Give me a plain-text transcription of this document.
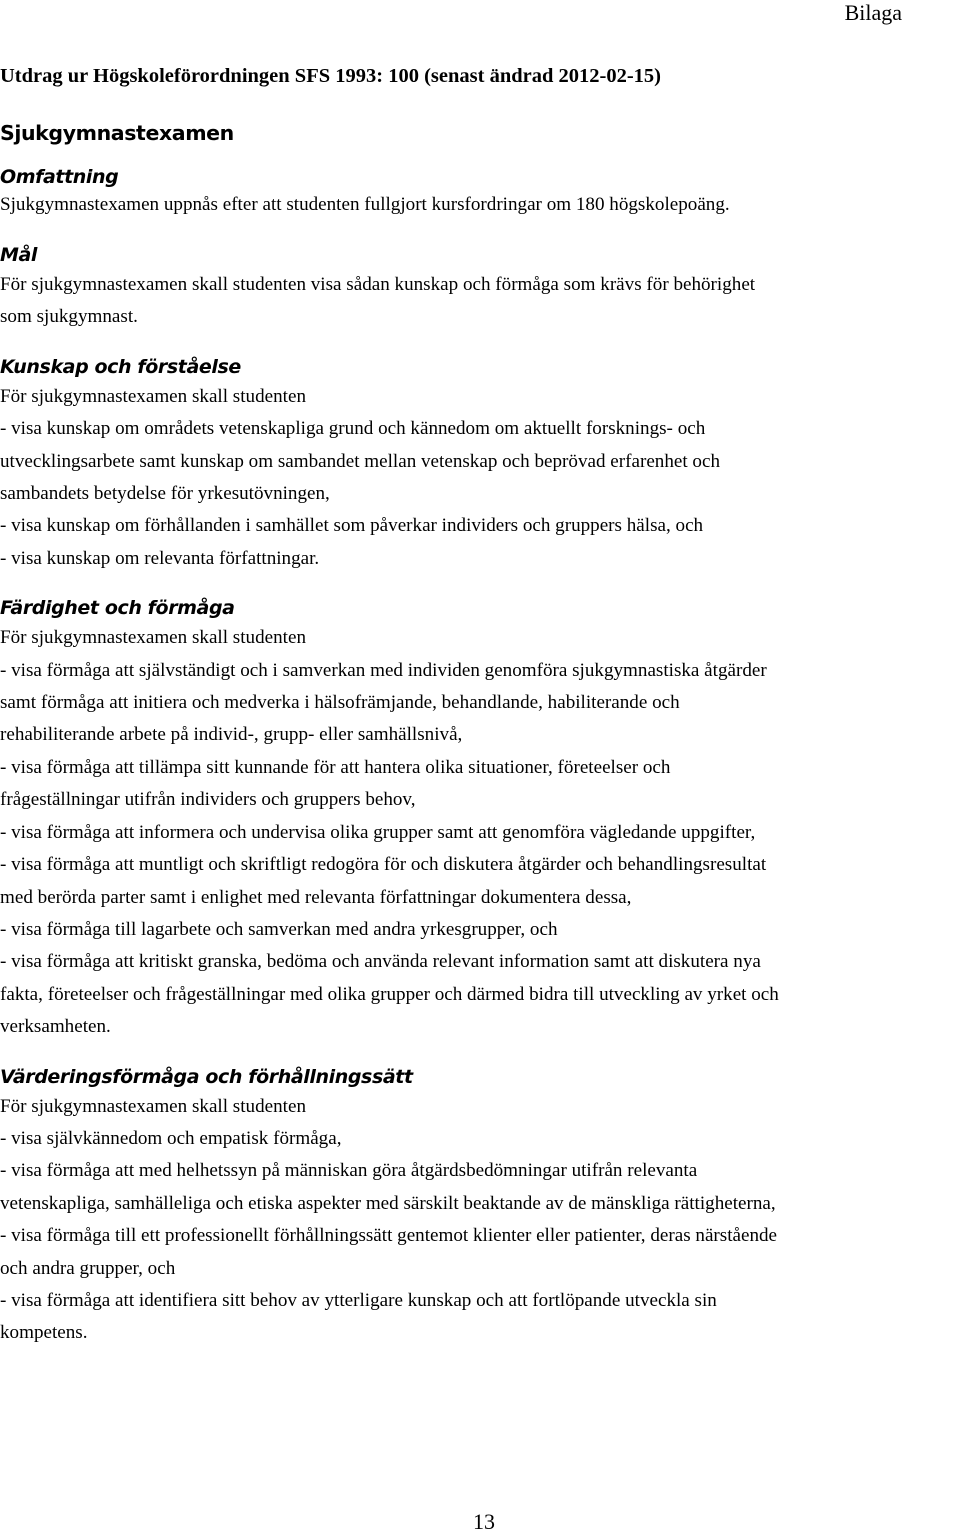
Bilaga
Utdrag ur Högskoleförordningen SFS 1993: 100 (senast ändrad 2012-02-15)
Sjukgymnastexamen
Omfattning
Sjukgymnastexamen uppnås efter att studenten fullgjort kursfordringar om 180 högskolepoäng.
Mål
För sjukgymnastexamen skall studenten visa sådan kunskap och förmåga som krävs för behörighet
som sjukgymnast.
Kunskap och förståelse
För sjukgymnastexamen skall studenten
- visa kunskap om områdets vetenskapliga grund och kännedom om aktuellt forsknings- och
utvecklingsarbete samt kunskap om sambandet mellan vetenskap och beprövad erfarenhet och
sambandets betydelse för yrkesutövningen,
- visa kunskap om förhållanden i samhället som påverkar individers och gruppers hälsa, och
- visa kunskap om relevanta författningar.
Färdighet och förmåga
För sjukgymnastexamen skall studenten
- visa förmåga att självständigt och i samverkan med individen genomföra sjukgymnastiska åtgärder
samt förmåga att initiera och medverka i hälsofrämjande, behandlande, habiliterande och
rehabiliterande arbete på individ-, grupp- eller samhällsnivå,
- visa förmåga att tillämpa sitt kunnande för att hantera olika situationer, företeelser och
frågeställningar utifrån individers och gruppers behov,
- visa förmåga att informera och undervisa olika grupper samt att genomföra vägledande uppgifter,
- visa förmåga att muntligt och skriftligt redogöra för och diskutera åtgärder och behandlingsresultat
med berörda parter samt i enlighet med relevanta författningar dokumentera dessa,
- visa förmåga till lagarbete och samverkan med andra yrkesgrupper, och
- visa förmåga att kritiskt granska, bedöma och använda relevant information samt att diskutera nya
fakta, företeelser och frågeställningar med olika grupper och därmed bidra till utveckling av yrket och
verksamheten.
Värderingsförmåga och förhållningssätt
För sjukgymnastexamen skall studenten
- visa självkännedom och empatisk förmåga,
- visa förmåga att med helhetssyn på människan göra åtgärdsbedömningar utifrån relevanta
vetenskapliga, samhälleliga och etiska aspekter med särskilt beaktande av de mänskliga rättigheterna,
- visa förmåga till ett professionellt förhållningssätt gentemot klienter eller patienter, deras närstående
och andra grupper, och
- visa förmåga att identifiera sitt behov av ytterligare kunskap och att fortlöpande utveckla sin
kompetens.
13
